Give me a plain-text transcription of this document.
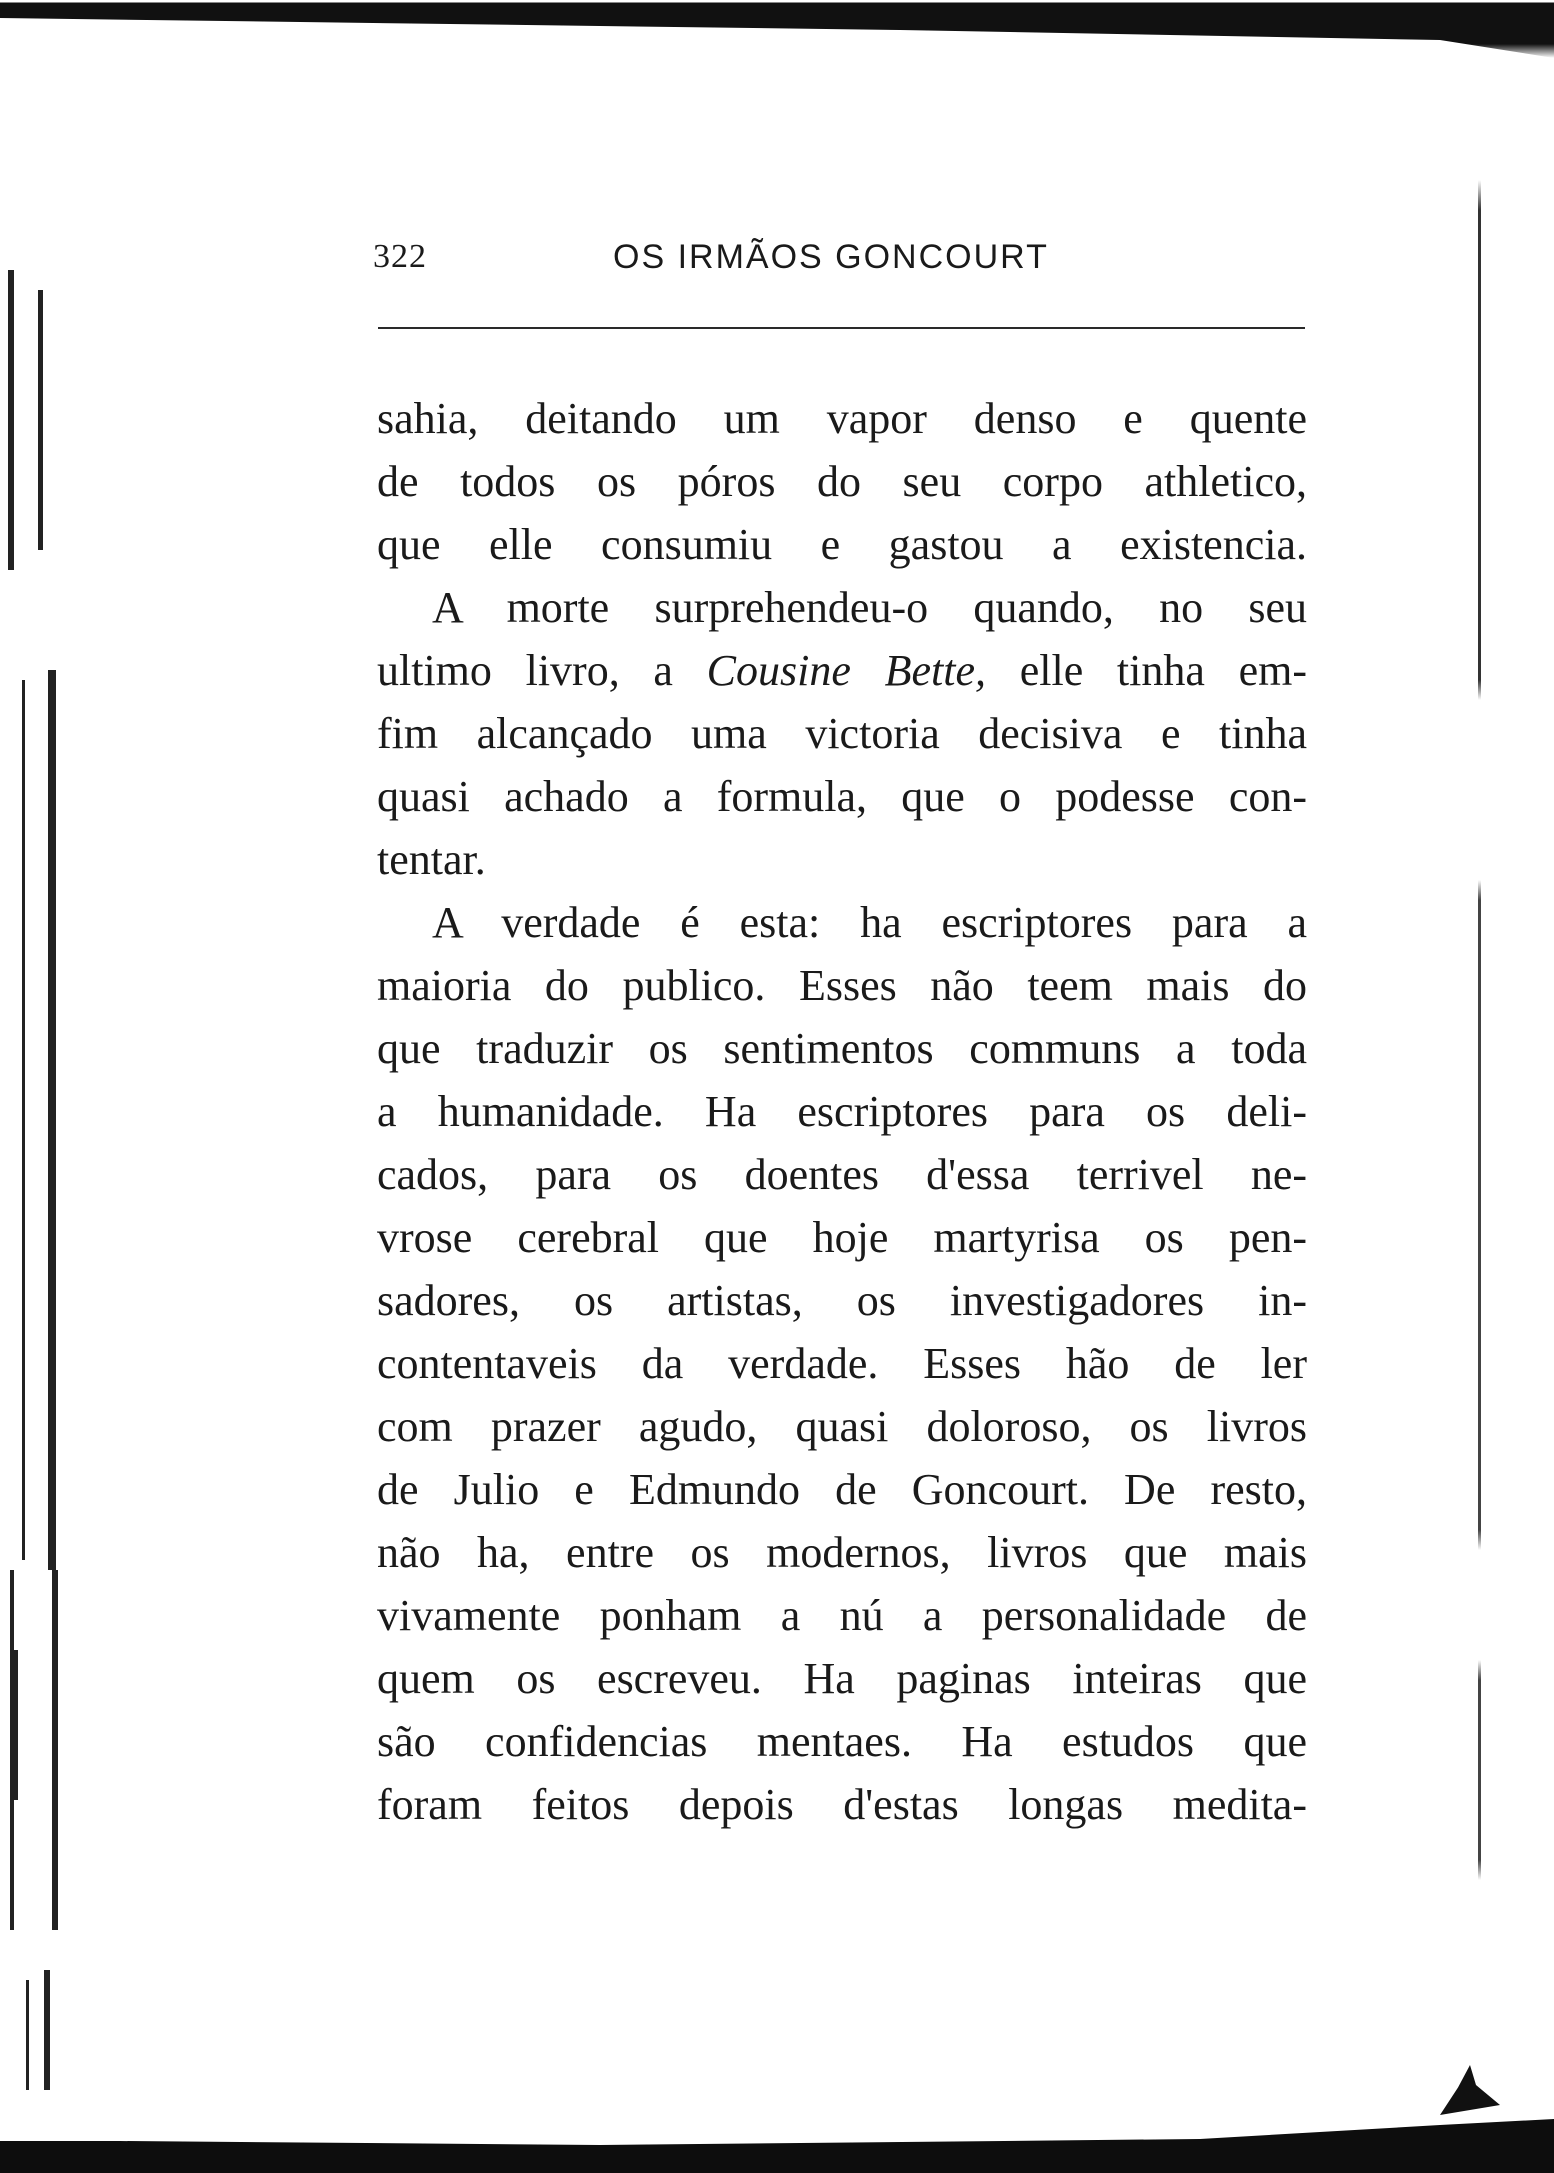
322	OS IRMÃOS GONCOURT
sahia, deitando um vapor denso e quente
de todos os póros do seu corpo athletico,
que elle consumiu e gastou a existencia.
A morte surprehendeu-o quando, no seu
ultimo livro, a Cousine Bette, elle tinha em-
fim alcançado uma victoria decisiva e tinha
quasi achado a formula, que o podesse con-
tentar.
A verdade é esta: ha escriptores para a
maioria do publico. Esses não teem mais do
que traduzir os sentimentos communs a toda
a humanidade. Ha escriptores para os deli-
cados, para os doentes d'essa terrivel ne-
vrose cerebral que hoje martyrisa os pen-
sadores, os artistas, os investigadores in-
contentaveis da verdade. Esses hão de ler
com prazer agudo, quasi doloroso, os livros
de Julio e Edmundo de Goncourt. De resto,
não ha, entre os modernos, livros que mais
vivamente ponham a nú a personalidade de
quem os escreveu. Ha paginas inteiras que
são confidencias mentaes. Ha estudos que
foram feitos depois d'estas longas medita-
